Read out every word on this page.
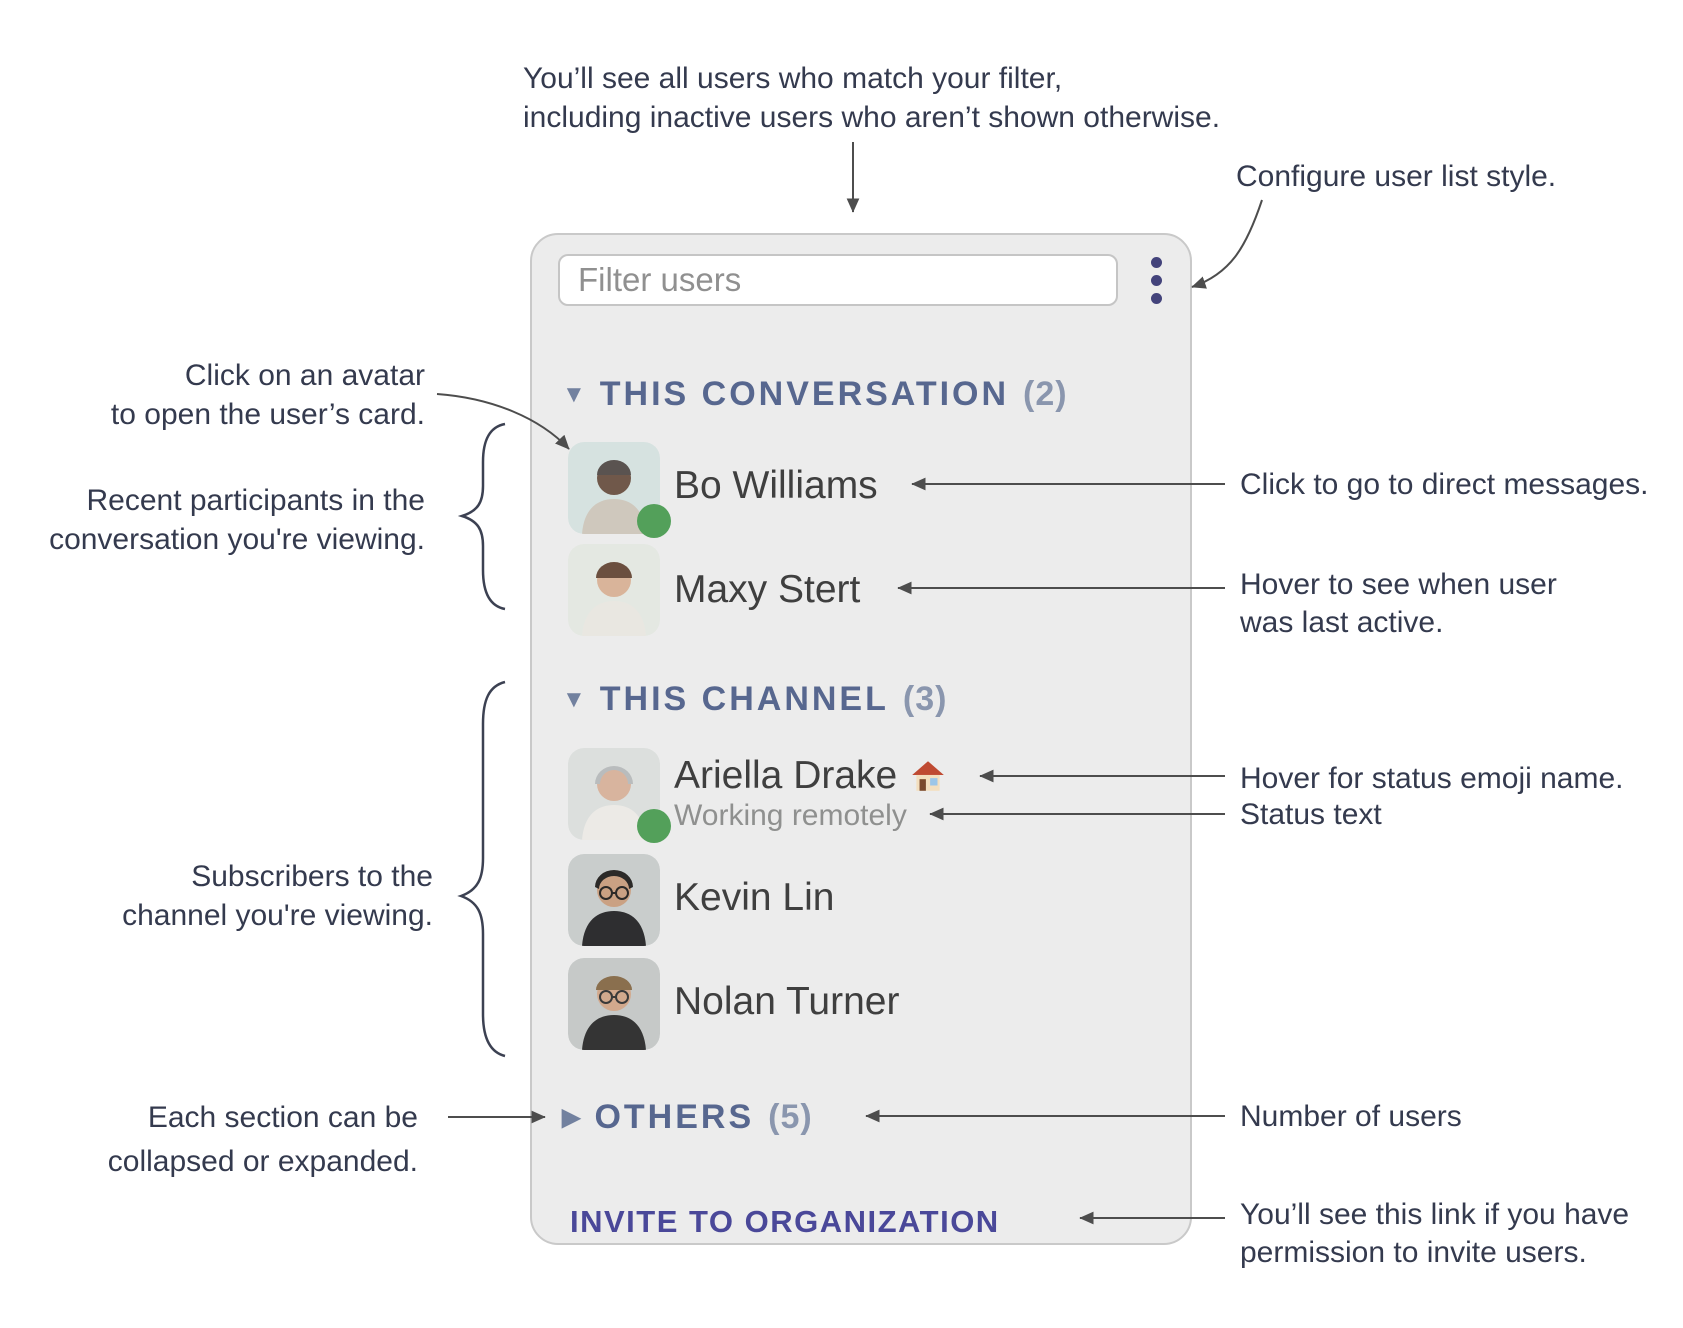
You’ll see all users who match your filter,
including inactive users who aren’t shown otherwise.
Configure user list style.
Click on an avatar
to open the user’s card.
Recent participants in the
conversation you're viewing.
Subscribers to the
channel you're viewing.
Each section can be
collapsed or expanded.
Click to go to direct messages.
Hover to see when user
was last active.
Hover for status emoji name.
Status text
Number of users
You’ll see this link if you have
permission to invite users.
Filter users
▼ THIS CONVERSATION (2)
Bo Williams
Maxy Stert
▼ THIS CHANNEL (3)
Ariella Drake
Working remotely
Kevin Lin
Nolan Turner
▶ OTHERS (5)
INVITE TO ORGANIZATION
